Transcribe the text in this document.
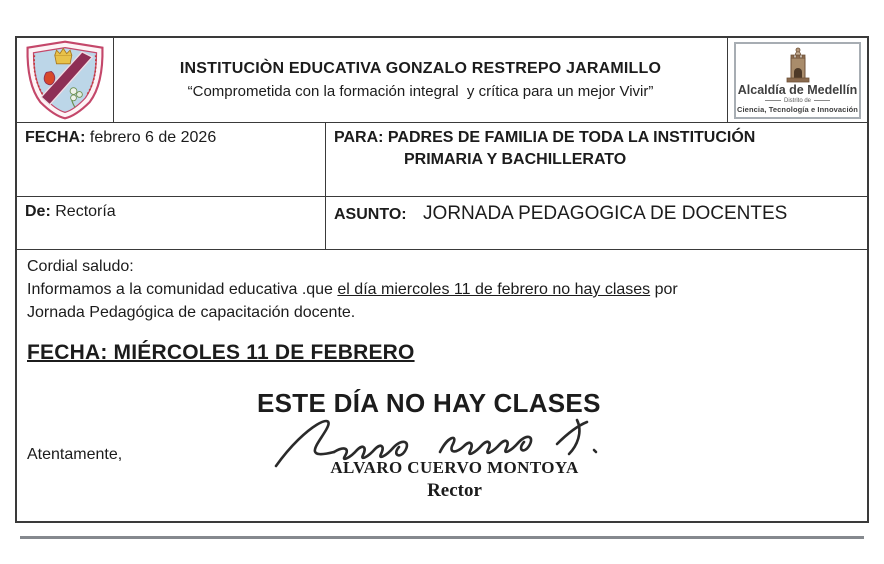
INSTITUCIÒN EDUCATIVA GONZALO RESTREPO JARAMILLO
“Comprometida con la formación integral  y crítica para un mejor Vivir”	Alcaldía de Medellín
Distrito de
Ciencia, Tecnología e Innovación
FECHA: febrero 6 de 2026	PARA: PADRES DE FAMILIA DE TODA LA INSTITUCIÓN
PRIMARIA Y BACHILLERATO
De: Rectoría	ASUNTO: JORNADA PEDAGOGICA DE DOCENTES
Cordial saludo:
Informamos a la comunidad educativa .que el día miercoles 11 de febrero no hay clases por
Jornada Pedagógica de capacitación docente.
FECHA: MIÉRCOLES 11 DE FEBRERO
ESTE DÍA NO HAY CLASES
Atentamente,
ALVARO CUERVO MONTOYA
Rector
